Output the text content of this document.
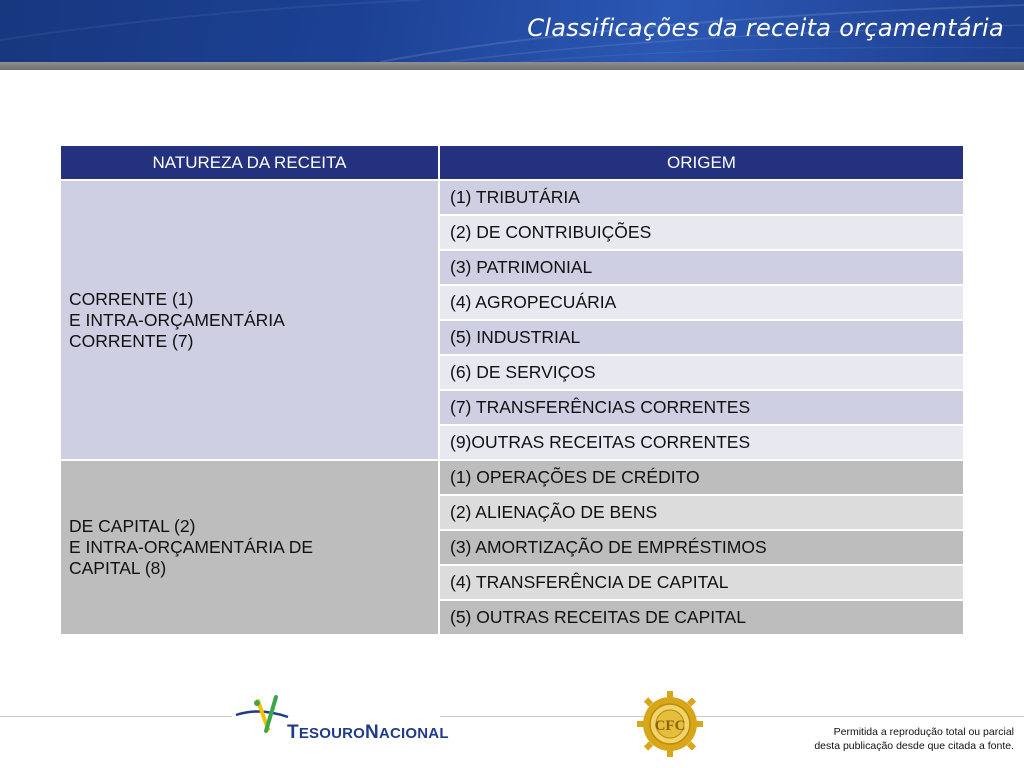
Classificações da receita orçamentária
NATUREZA DA RECEITA	ORIGEM

CORRENTE (1)
E INTRA-ORÇAMENTÁRIA
CORRENTE (7)	(1) TRIBUTÁRIA
	(2) DE CONTRIBUIÇÕES
	(3) PATRIMONIAL
	(4) AGROPECUÁRIA
	(5) INDUSTRIAL
	(6) DE SERVIÇOS
	(7) TRANSFERÊNCIAS CORRENTES
	(9)OUTRAS RECEITAS CORRENTES

DE CAPITAL (2)
E INTRA-ORÇAMENTÁRIA DE
CAPITAL (8)	(1) OPERAÇÕES DE CRÉDITO
	(2) ALIENAÇÃO DE BENS
	(3) AMORTIZAÇÃO DE EMPRÉSTIMOS
	(4) TRANSFERÊNCIA DE CAPITAL
	(5) OUTRAS RECEITAS DE CAPITAL
TESOURONACIONAL	CFC	Permitida a reprodução total ou parcial
desta publicação desde que citada a fonte.
